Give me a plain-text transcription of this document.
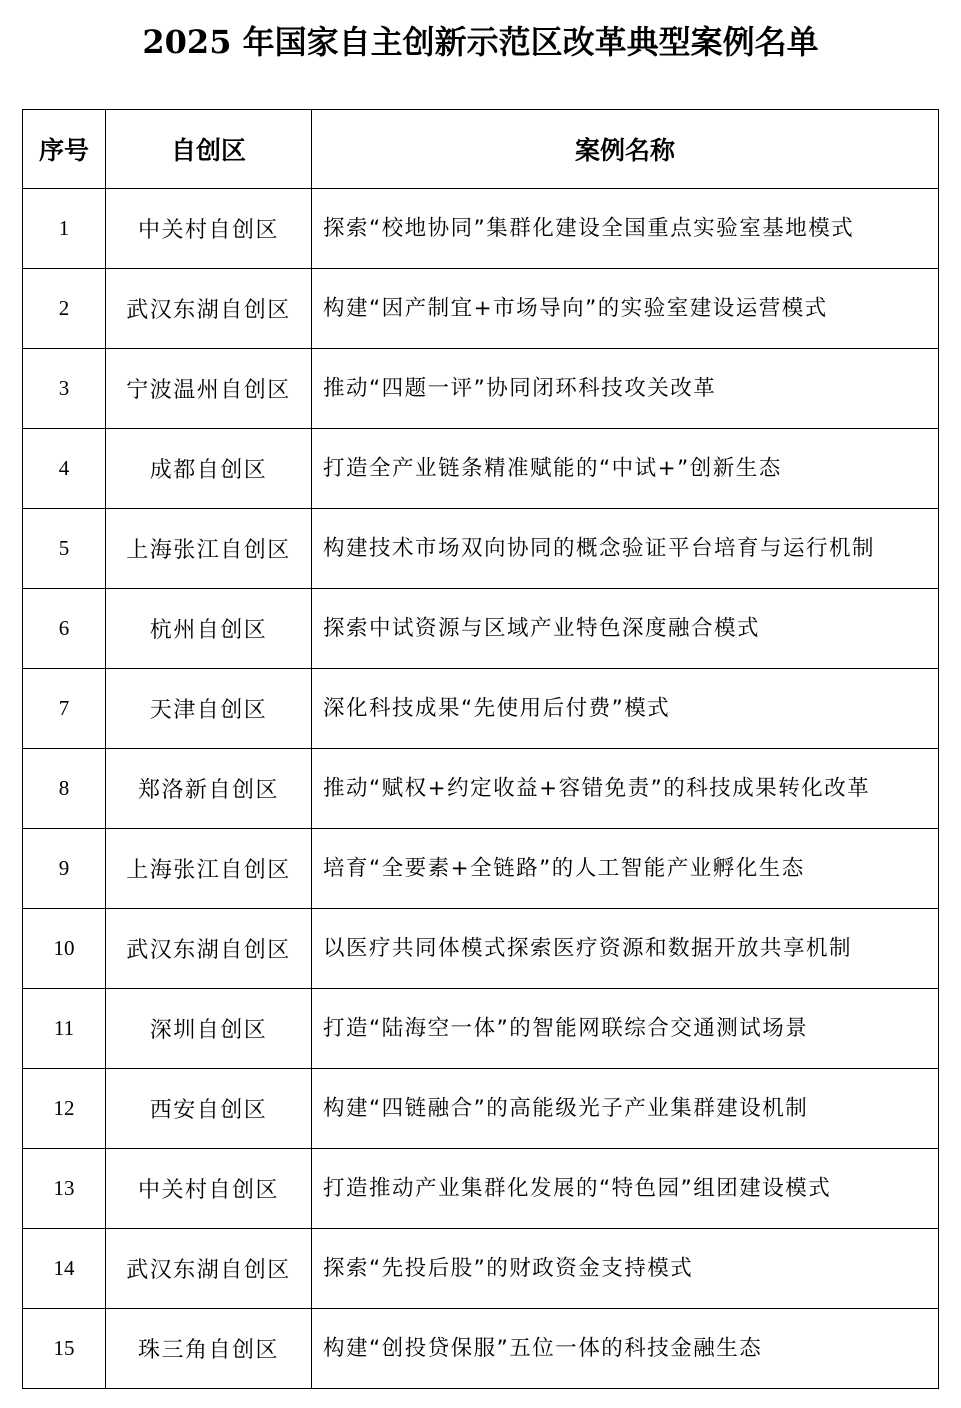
2025 年国家自主创新示范区改革典型案例名单
序号	自创区	案例名称
1	中关村自创区	探索“校地协同”集群化建设全国重点实验室基地模式
2	武汉东湖自创区	构建“因产制宜+市场导向”的实验室建设运营模式
3	宁波温州自创区	推动“四题一评”协同闭环科技攻关改革
4	成都自创区	打造全产业链条精准赋能的“中试+”创新生态
5	上海张江自创区	构建技术市场双向协同的概念验证平台培育与运行机制
6	杭州自创区	探索中试资源与区域产业特色深度融合模式
7	天津自创区	深化科技成果“先使用后付费”模式
8	郑洛新自创区	推动“赋权+约定收益+容错免责”的科技成果转化改革
9	上海张江自创区	培育“全要素+全链路”的人工智能产业孵化生态
10	武汉东湖自创区	以医疗共同体模式探索医疗资源和数据开放共享机制
11	深圳自创区	打造“陆海空一体”的智能网联综合交通测试场景
12	西安自创区	构建“四链融合”的高能级光子产业集群建设机制
13	中关村自创区	打造推动产业集群化发展的“特色园”组团建设模式
14	武汉东湖自创区	探索“先投后股”的财政资金支持模式
15	珠三角自创区	构建“创投贷保服”五位一体的科技金融生态
